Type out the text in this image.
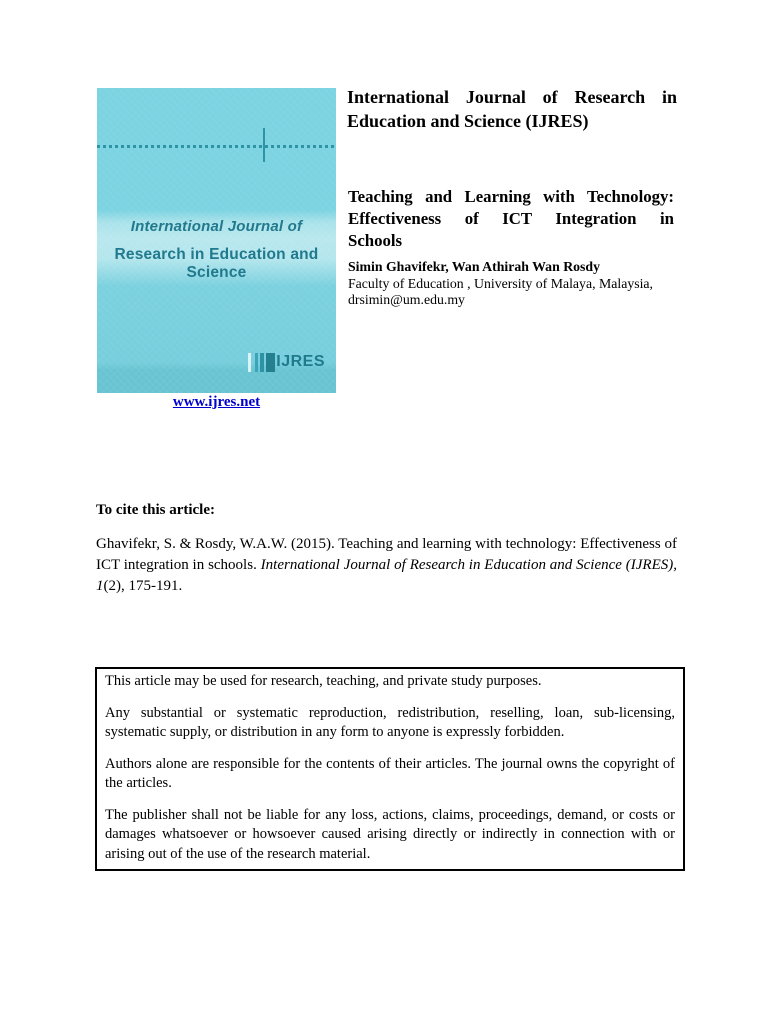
International Journal of
Research in Education and Science
IJRES
www.ijres.net
International Journal of Research in
Education and Science (IJRES)
Teaching and Learning with Technology:
Effectiveness of ICT Integration in
Schools
Simin Ghavifekr, Wan Athirah Wan Rosdy
Faculty of Education , University of Malaya, Malaysia,
drsimin@um.edu.my
To cite this article:

Ghavifekr, S. & Rosdy, W.A.W. (2015). Teaching and learning with technology: Effectiveness of ICT integration in schools. International Journal of Research in Education and Science (IJRES), 1(2), 175-191.

This article may be used for research, teaching, and private study purposes.

Any substantial or systematic reproduction, redistribution, reselling, loan, sub-licensing, systematic supply, or distribution in any form to anyone is expressly forbidden.

Authors alone are responsible for the contents of their articles. The journal owns the copyright of the articles.

The publisher shall not be liable for any loss, actions, claims, proceedings, demand, or costs or damages whatsoever or howsoever caused arising directly or indirectly in connection with or arising out of the use of the research material.
